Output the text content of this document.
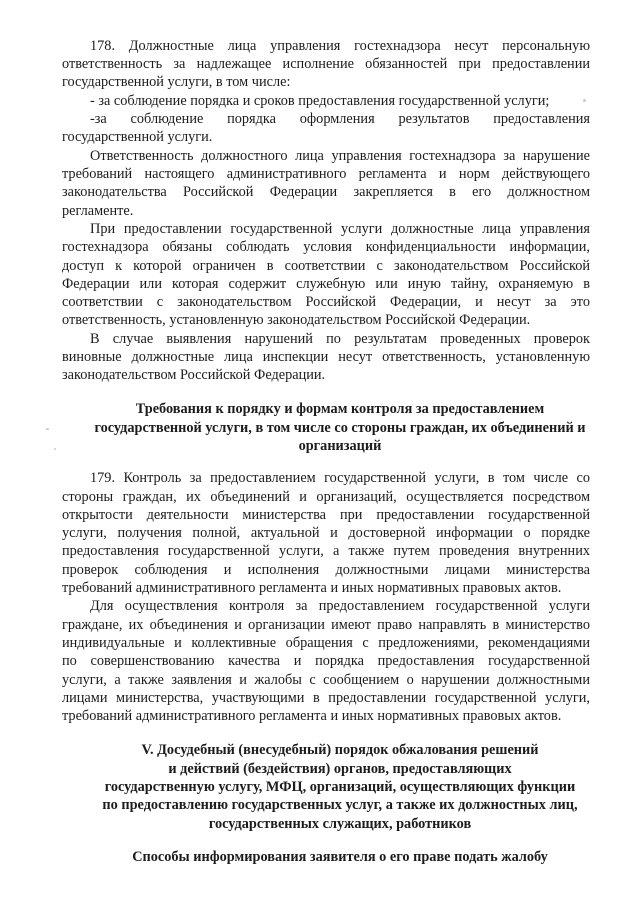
178. Должностные лица управления гостехнадзора несут персональную

ответственность за надлежащее исполнение обязанностей при предоставлении

государственной услуги, в том числе:

- за соблюдение порядка и сроков предоставления государственной услуги;

-за соблюдение порядка оформления результатов предоставления

государственной услуги.

Ответственность должностного лица управления гостехнадзора за нарушение

требований настоящего административного регламента и норм действующего

законодательства Российской Федерации закрепляется в его должностном

регламенте.

При предоставлении государственной услуги должностные лица управления

гостехнадзора обязаны соблюдать условия конфиденциальности информации,

доступ к которой ограничен в соответствии с законодательством Российской

Федерации или которая содержит служебную или иную тайну, охраняемую в

соответствии с законодательством Российской Федерации, и несут за это

ответственность, установленную законодательством Российской Федерации.

В случае выявления нарушений по результатам проведенных проверок

виновные должностные лица инспекции несут ответственность, установленную

законодательством Российской Федерации.

Требования к порядку и формам контроля за предоставлением

государственной услуги, в том числе со стороны граждан, их объединений и

организаций

179. Контроль за предоставлением государственной услуги, в том числе со

стороны граждан, их объединений и организаций, осуществляется посредством

открытости деятельности министерства при предоставлении государственной

услуги, получения полной, актуальной и достоверной информации о порядке

предоставления государственной услуги, а также путем проведения внутренних

проверок соблюдения и исполнения должностными лицами министерства

требований административного регламента и иных нормативных правовых актов.

Для осуществления контроля за предоставлением государственной услуги

граждане, их объединения и организации имеют право направлять в министерство

индивидуальные и коллективные обращения с предложениями, рекомендациями

по совершенствованию качества и порядка предоставления государственной

услуги, а также заявления и жалобы с сообщением о нарушении должностными

лицами министерства, участвующими в предоставлении государственной услуги,

требований административного регламента и иных нормативных правовых актов.

V. Досудебный (внесудебный) порядок обжалования решений

и действий (бездействия) органов, предоставляющих

государственную услугу, МФЦ, организаций, осуществляющих функции

по предоставлению государственных услуг, а также их должностных лиц,

государственных служащих, работников

Способы информирования заявителя о его праве подать жалобу
